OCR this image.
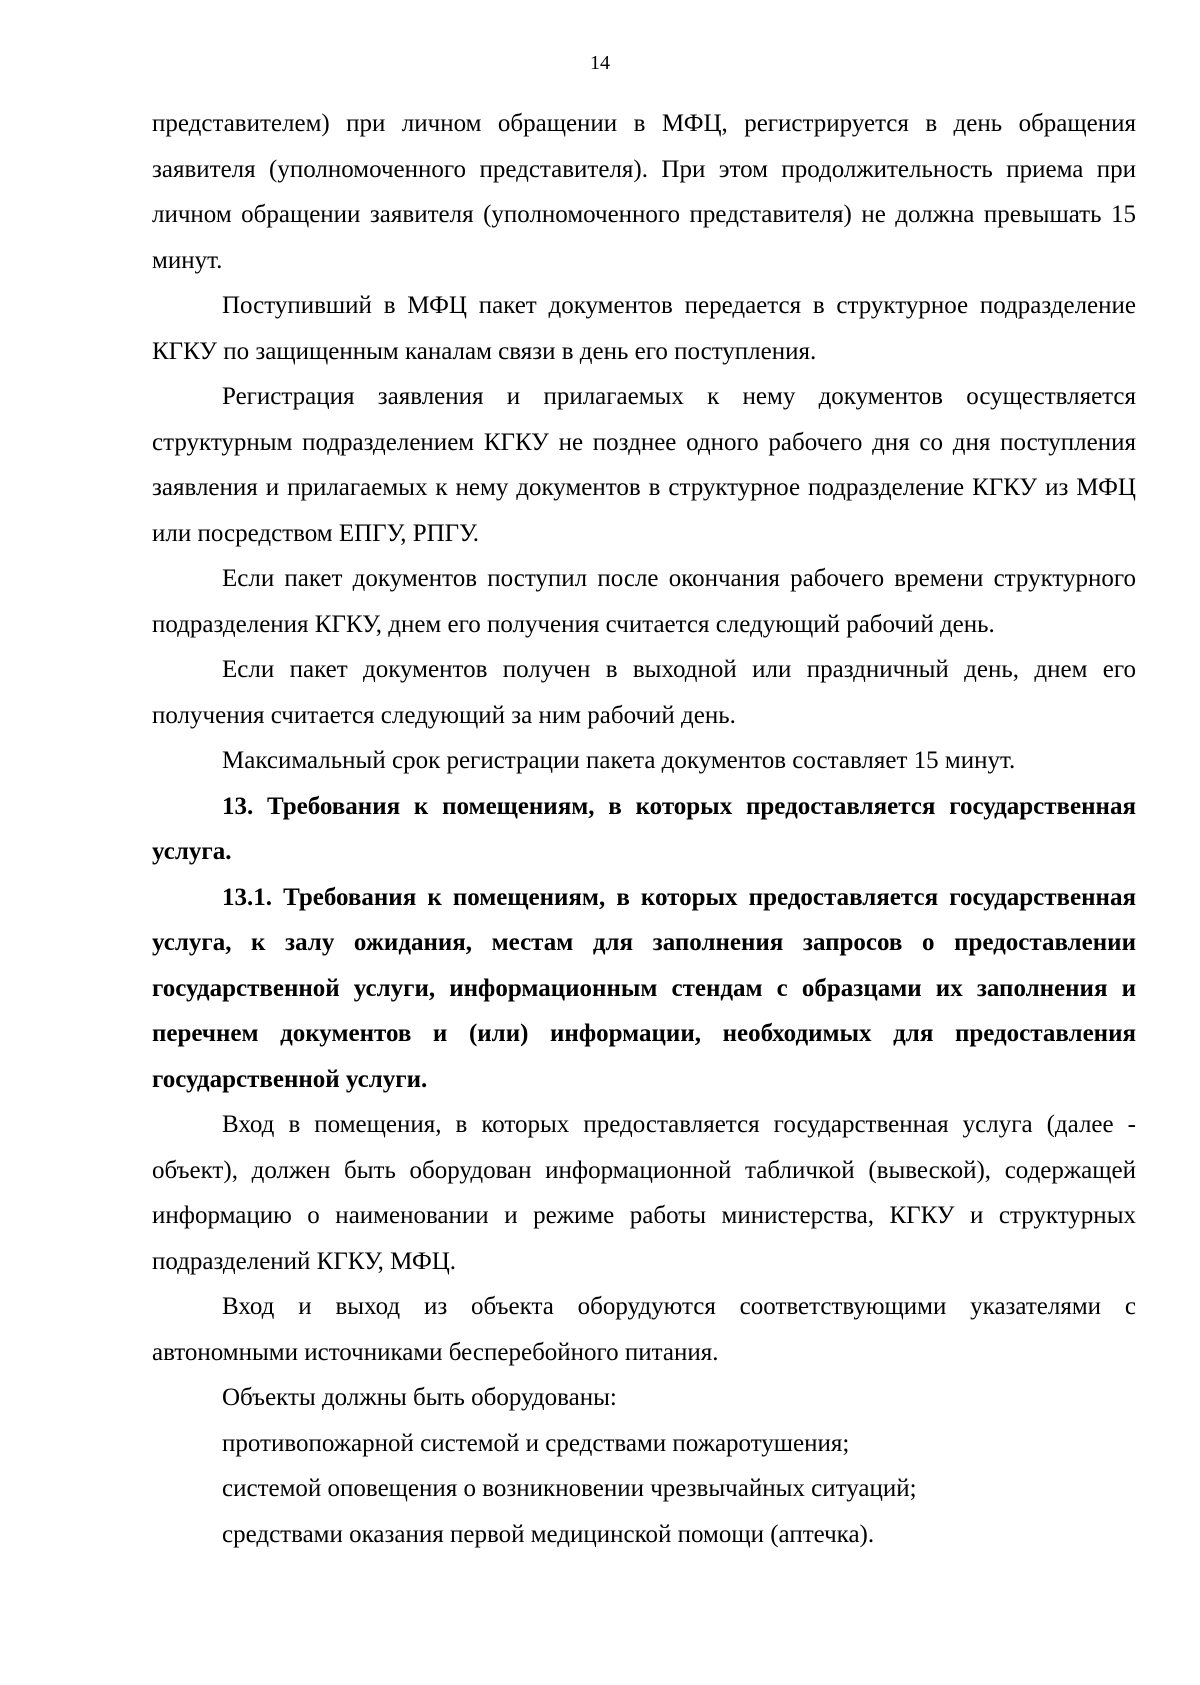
14

представителем) при личном обращении в МФЦ, регистрируется в день обращения заявителя (уполномоченного представителя). При этом продолжительность приема при личном обращении заявителя (уполномоченного представителя) не должна превышать 15 минут.

Поступивший в МФЦ пакет документов передается в структурное подразделение КГКУ по защищенным каналам связи в день его поступления.

Регистрация заявления и прилагаемых к нему документов осуществляется структурным подразделением КГКУ не позднее одного рабочего дня со дня поступления заявления и прилагаемых к нему документов в структурное подразделение КГКУ из МФЦ или посредством ЕПГУ, РПГУ.

Если пакет документов поступил после окончания рабочего времени структурного подразделения КГКУ, днем его получения считается следующий рабочий день.

Если пакет документов получен в выходной или праздничный день, днем его получения считается следующий за ним рабочий день.

Максимальный срок регистрации пакета документов составляет 15 минут.

13. Требования к помещениям, в которых предоставляется государственная услуга.

13.1. Требования к помещениям, в которых предоставляется государственная услуга, к залу ожидания, местам для заполнения запросов о предоставлении государственной услуги, информационным стендам с образцами их заполнения и перечнем документов и (или) информации, необходимых для предоставления государственной услуги.

Вход в помещения, в которых предоставляется государственная услуга (далее - объект), должен быть оборудован информационной табличкой (вывеской), содержащей информацию о наименовании и режиме работы министерства, КГКУ и структурных подразделений КГКУ, МФЦ.

Вход и выход из объекта оборудуются соответствующими указателями с автономными источниками бесперебойного питания.

Объекты должны быть оборудованы:

противопожарной системой и средствами пожаротушения;

системой оповещения о возникновении чрезвычайных ситуаций;

средствами оказания первой медицинской помощи (аптечка).
